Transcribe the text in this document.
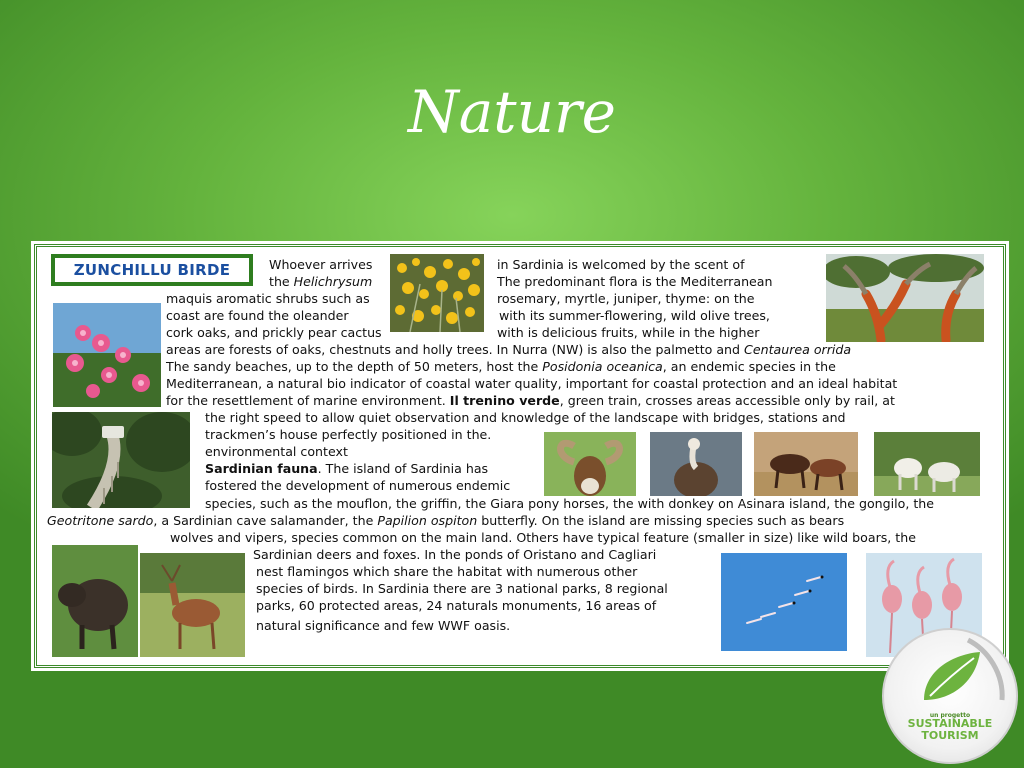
Nature
ZUNCHILLU BIRDE	Whoever arrives
the Helichrysum
in Sardinia is welcomed by the scent of
The predominant flora is the Mediterranean
maquis aromatic shrubs such as	rosemary, myrtle, juniper, thyme: on the
coast are found the oleander	with its summer-flowering, wild olive trees,
cork oaks, and prickly pear cactus	with is delicious fruits, while in the higher
areas are forests of oaks, chestnuts and holly trees. In Nurra (NW) is also the palmetto and Centaurea orrida
The sandy beaches, up to the depth of 50 meters, host the Posidonia oceanica, an endemic species in the
Mediterranean, a natural bio indicator of coastal water quality, important for coastal protection and an ideal habitat
for the resettlement of marine environment. Il trenino verde, green train, crosses areas accessible only by rail, at
the right speed to allow quiet observation and knowledge of the landscape with bridges, stations and
trackmen’s house perfectly positioned in the.
environmental context
Sardinian fauna. The island of Sardinia has
fostered the development of numerous endemic
species, such as the mouflon, the griffin, the Giara pony horses, the with donkey on Asinara island, the gongilo, the
Geotritone sardo, a Sardinian cave salamander, the Papilion ospiton butterfly. On the island are missing species such as bears
wolves and vipers, species common on the main land. Others have typical feature (smaller in size) like wild boars, the
Sardinian deers and foxes. In the ponds of Oristano and Cagliari
nest flamingos which share the habitat with numerous other
species of birds. In Sardinia there are 3 national parks, 8 regional
parks, 60 protected areas, 24 naturals monuments, 16 areas of
natural significance and few WWF oasis.
un progetto
SUSTAINABLE TOURISM
